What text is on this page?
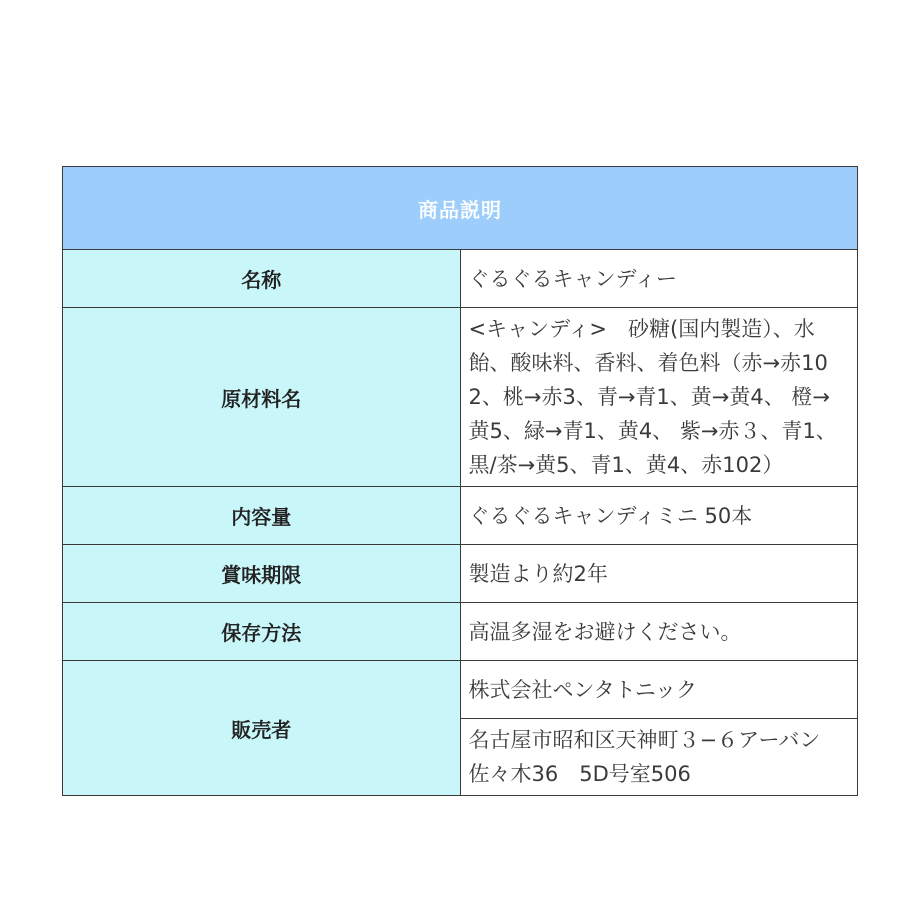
商品説明	
名称	ぐるぐるキャンディー
原材料名	<キャンディ>　砂糖(国内製造）、水飴、酸味料、香料、着色料（赤→赤102、桃→赤3、青→青1、黄→黄4、 橙→黄5、緑→青1、黄4、 紫→赤３、青1、黒/茶→黄5、青1、黄4、赤102）
内容量	ぐるぐるキャンディミニ 50本
賞味期限	製造より約2年
保存方法	高温多湿をお避けください。
販売者	株式会社ペンタトニック
	名古屋市昭和区天神町３−６アーバン佐々木36　5D号室506
